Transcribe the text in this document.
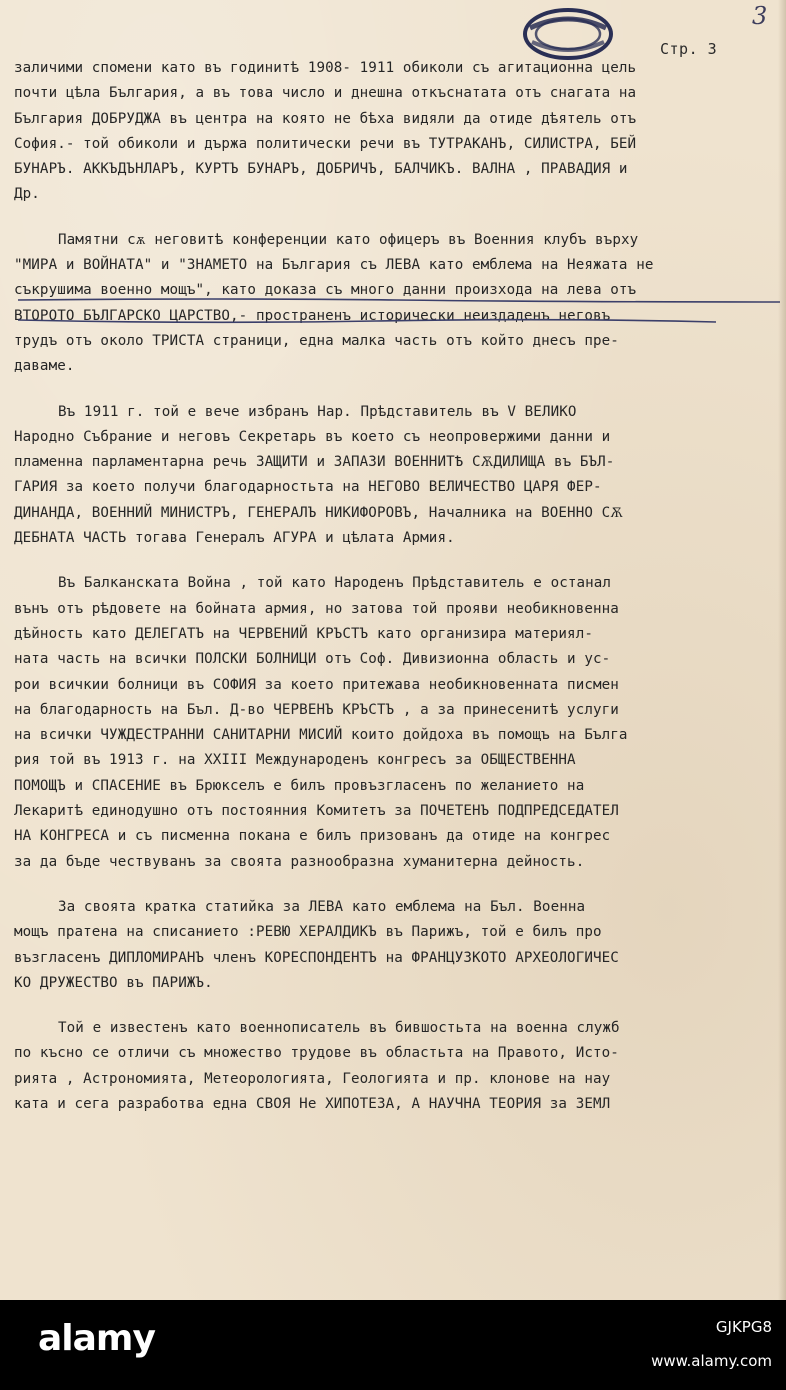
3
Стр. 3

заличими спомени като въ годинитѣ 1908- 1911 обиколи съ агитационна цель

почти цѣла България, а въ това число и днешна откъснатата отъ снагата на

България ДОБРУДЖА въ центра на която не бѣха видяли да отиде дѣятель отъ

София.- той обиколи и държа политически речи въ ТУТРАКАНЪ, СИЛИСТРА, БЕЙ

БУНАРЪ. АККЪДЪНЛАРЪ, КУРТЪ БУНАРЪ, ДОБРИЧЪ, БАЛЧИКЪ. ВАЛНА , ПРАВАДИЯ и

Др.

Памятни сѫ неговитѣ конференции като офицеръ въ Военния клубъ върху

"МИРА и ВОЙНАТА" и "ЗНАМЕТО на България съ ЛЕВА като емблема на Неяжата не

съкрушима военно мощъ", като доказа съ много данни произхода на лева отъ

ВТОРОТО БЪЛГАРСКО ЦАРСТВО,- пространенъ исторически неиздаденъ неговъ

трудъ отъ около ТРИСТА страници, една малка часть отъ който днесъ пре-

даваме.

Въ 1911 г. той е вече избранъ Нар. Прѣдставитель въ V ВЕЛИКО

Народно Събрание и неговъ Секретарь въ което съ неопровержими данни и

пламенна парламентарна речь ЗАЩИТИ и ЗАПАЗИ ВОЕННИТѢ СѪДИЛИЩА въ БЪЛ-

ГАРИЯ за което получи благодарностьта на НЕГОВО ВЕЛИЧЕСТВО ЦАРЯ ФЕР-

ДИНАНДА, ВОЕННИЙ МИНИСТРЪ, ГЕНЕРАЛЪ НИКИФОРОВЪ, Началника на ВОЕННО СѪ

ДЕБНАТА ЧАСТЬ тогава Генералъ АГУРА и цѣлата Армия.

Въ Балканската Война , той като Народенъ Прѣдставитель е останал

вънъ отъ рѣдовете на бойната армия, но затова той прояви необикновенна

дѣйность като ДЕЛЕГАТЪ на ЧЕРВЕНИЙ КРЪСТЪ като организира материял-

ната часть на всички ПОЛСКИ БОЛНИЦИ отъ Соф. Дивизионна область и ус-

рои всичкии болници въ СОФИЯ за което притежава необикновенната писмен

на благодарность на Бъл. Д-во ЧЕРВЕНЪ КРЪСТЪ , а за принесенитѣ услуги

на всички ЧУЖДЕСТРАННИ САНИТАРНИ МИСИЙ които дойдоха въ помощъ на Бълга

рия той въ 1913 г. на XXIII Международенъ конгресъ за ОБЩЕСТВЕННА

ПОМОЩЪ и СПАСЕНИЕ въ Брюкселъ е билъ провъзгласенъ по желанието на

Лекаритѣ единодушно отъ постоянния Комитетъ за ПОЧЕТЕНЪ ПОДПРЕДСЕДАТЕЛ

НА КОНГРЕСА и съ писменна покана е билъ призованъ да отиде на конгрес

за да бъде чествуванъ за своята разнообразна хуманитерна дейность.

За своята кратка статийка за ЛЕВА като емблема на Бъл. Военна

мощъ пратена на списанието :РЕВЮ ХЕРАЛДИКЪ въ Парижъ, той е билъ про

възгласенъ ДИПЛОМИРАНЪ членъ КОРЕСПОНДЕНТЪ на ФРАНЦУЗКОТО АРХЕОЛОГИЧЕС

КО ДРУЖЕСТВО въ ПАРИЖЪ.

Той е известенъ като военнописатель въ бившостьта на военна служб

по късно се отличи съ множество трудове въ областьта на Правото, Исто-

рията , Астрономията, Метеорологията, Геологията и пр. клонове на нау

ката и сега разработва една СВОЯ Не ХИПОТЕЗА, А НАУЧНА ТЕОРИЯ за ЗЕМЛ

alamy	GJKPG8
www.alamy.com
